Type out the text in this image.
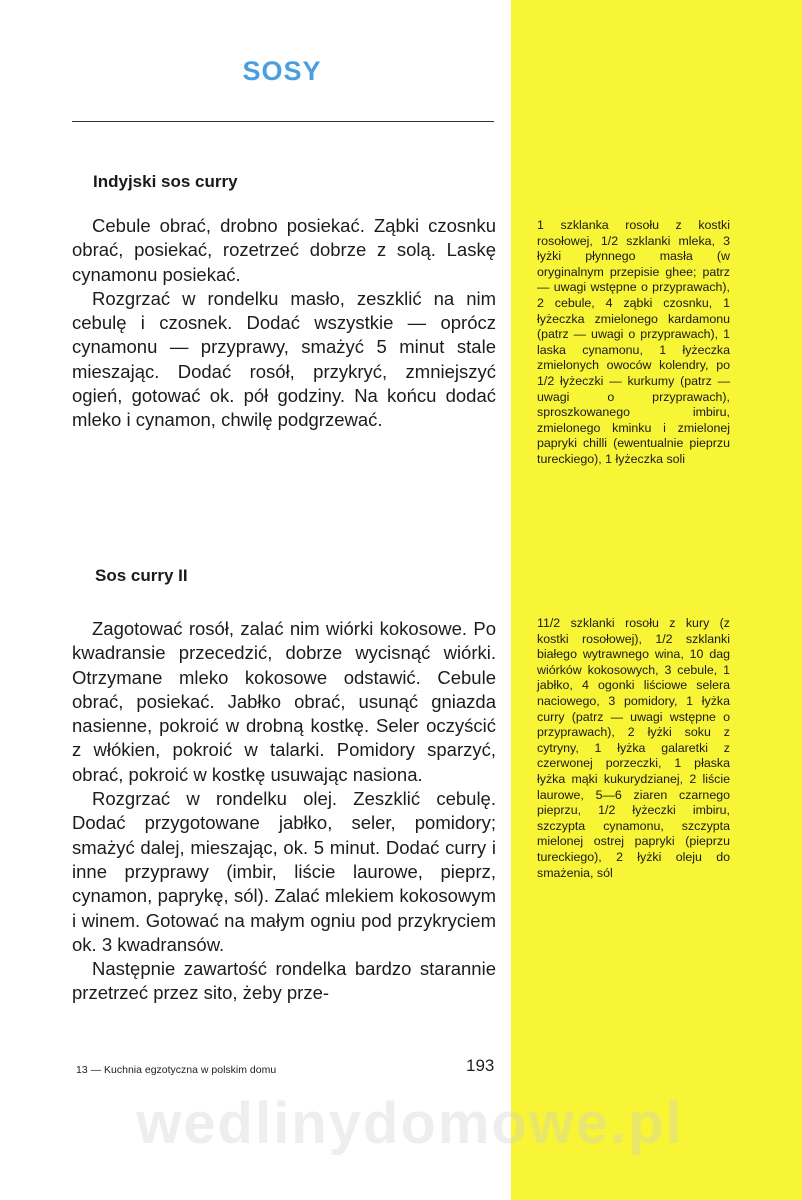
SOSY
Indyjski sos curry

Cebule obrać, drobno posiekać. Ząbki czosnku obrać, posiekać, rozetrzeć dobrze z solą. Laskę cynamonu posiekać.

Rozgrzać w rondelku masło, zeszklić na nim cebulę i czosnek. Dodać wszystkie — oprócz cynamonu — przyprawy, smażyć 5 minut stale mieszając. Dodać rosół, przykryć, zmniejszyć ogień, gotować ok. pół godziny. Na końcu dodać mleko i cynamon, chwilę podgrzewać.

1 szklanka rosołu z kostki rosołowej, 1/2 szklanki mleka, 3 łyżki płynnego masła (w oryginalnym przepisie ghee; patrz — uwagi wstępne o przyprawach), 2 cebule, 4 ząbki czosnku, 1 łyżeczka zmielonego kardamonu (patrz — uwagi o przyprawach), 1 laska cynamonu, 1 łyżeczka zmielonych owoców kolendry, po 1/2 łyżeczki — kurkumy (patrz — uwagi o przyprawach), sproszkowanego imbiru, zmielonego kminku i zmielonej papryki chilli (ewentualnie pieprzu tureckiego), 1 łyżeczka soli
Sos curry II

Zagotować rosół, zalać nim wiórki kokosowe. Po kwadransie przecedzić, dobrze wycisnąć wiórki. Otrzymane mleko kokosowe odstawić. Cebule obrać, posiekać. Jabłko obrać, usunąć gniazda nasienne, pokroić w drobną kostkę. Seler oczyścić z włókien, pokroić w talarki. Pomidory sparzyć, obrać, pokroić w kostkę usuwając nasiona.

Rozgrzać w rondelku olej. Zeszklić cebulę. Dodać przygotowane jabłko, seler, pomidory; smażyć dalej, mieszając, ok. 5 minut. Dodać curry i inne przyprawy (imbir, liście laurowe, pieprz, cynamon, paprykę, sól). Zalać mlekiem kokosowym i winem. Gotować na małym ogniu pod przykryciem ok. 3 kwadransów.

Następnie zawartość rondelka bardzo starannie przetrzeć przez sito, żeby prze-

11/2 szklanki rosołu z kury (z kostki rosołowej), 1/2 szklanki białego wytrawnego wina, 10 dag wiórków kokosowych, 3 cebule, 1 jabłko, 4 ogonki liściowe selera naciowego, 3 pomidory, 1 łyżka curry (patrz — uwagi wstępne o przyprawach), 2 łyżki soku z cytryny, 1 łyżka galaretki z czerwonej porzeczki, 1 płaska łyżka mąki kukurydzianej, 2 liście laurowe, 5—6 ziaren czarnego pieprzu, 1/2 łyżeczki imbiru, szczypta cynamonu, szczypta mielonej ostrej papryki (pieprzu tureckiego), 2 łyżki oleju do smażenia, sól
13 — Kuchnia egzotyczna w polskim domu	193
wedlinydomowe.pl
